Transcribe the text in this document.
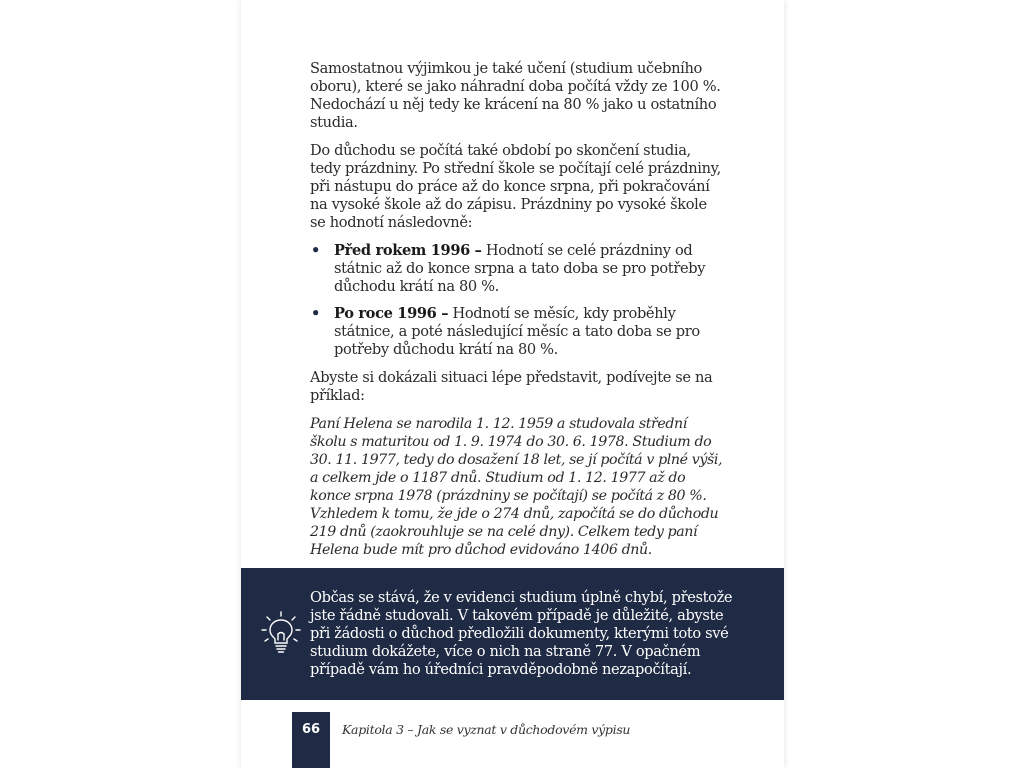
Samostatnou výjimkou je také učení (studium učebního oboru), které se jako náhradní doba počítá vždy ze 100 %. Nedochází u něj tedy ke krácení na 80 % jako u ostatního studia.

Do důchodu se počítá také období po skončení studia, tedy prázdniny. Po střední škole se počítají celé prázdniny, při nástupu do práce až do konce srpna, při pokračování na vysoké škole až do zápisu. Prázdniny po vysoké škole se hodnotí následovně:

• Před rokem 1996 – Hodnotí se celé prázdniny od státnic až do konce srpna a tato doba se pro potřeby důchodu krátí na 80 %.
• Po roce 1996 – Hodnotí se měsíc, kdy proběhly státnice, a poté následující měsíc a tato doba se pro potřeby důchodu krátí na 80 %.

Abyste si dokázali situaci lépe představit, podívejte se na příklad:

Paní Helena se narodila 1. 12. 1959 a studovala střední školu s maturitou od 1. 9. 1974 do 30. 6. 1978. Studium do 30. 11. 1977, tedy do dosažení 18 let, se jí počítá v plné výši, a celkem jde o 1187 dnů. Studium od 1. 12. 1977 až do konce srpna 1978 (prázdniny se počítají) se počítá z 80 %. Vzhledem k tomu, že jde o 274 dnů, započítá se do důchodu 219 dnů (zaokrouhluje se na celé dny). Celkem tedy paní Helena bude mít pro důchod evidováno 1406 dnů.

Občas se stává, že v evidenci studium úplně chybí, přestože jste řádně studovali. V takovém případě je důležité, abyste při žádosti o důchod předložili dokumenty, kterými toto své studium dokážete, více o nich na straně 77. V opačném případě vám ho úředníci pravděpodobně nezapočítají.
66	Kapitola 3 – Jak se vyznat v důchodovém výpisu
